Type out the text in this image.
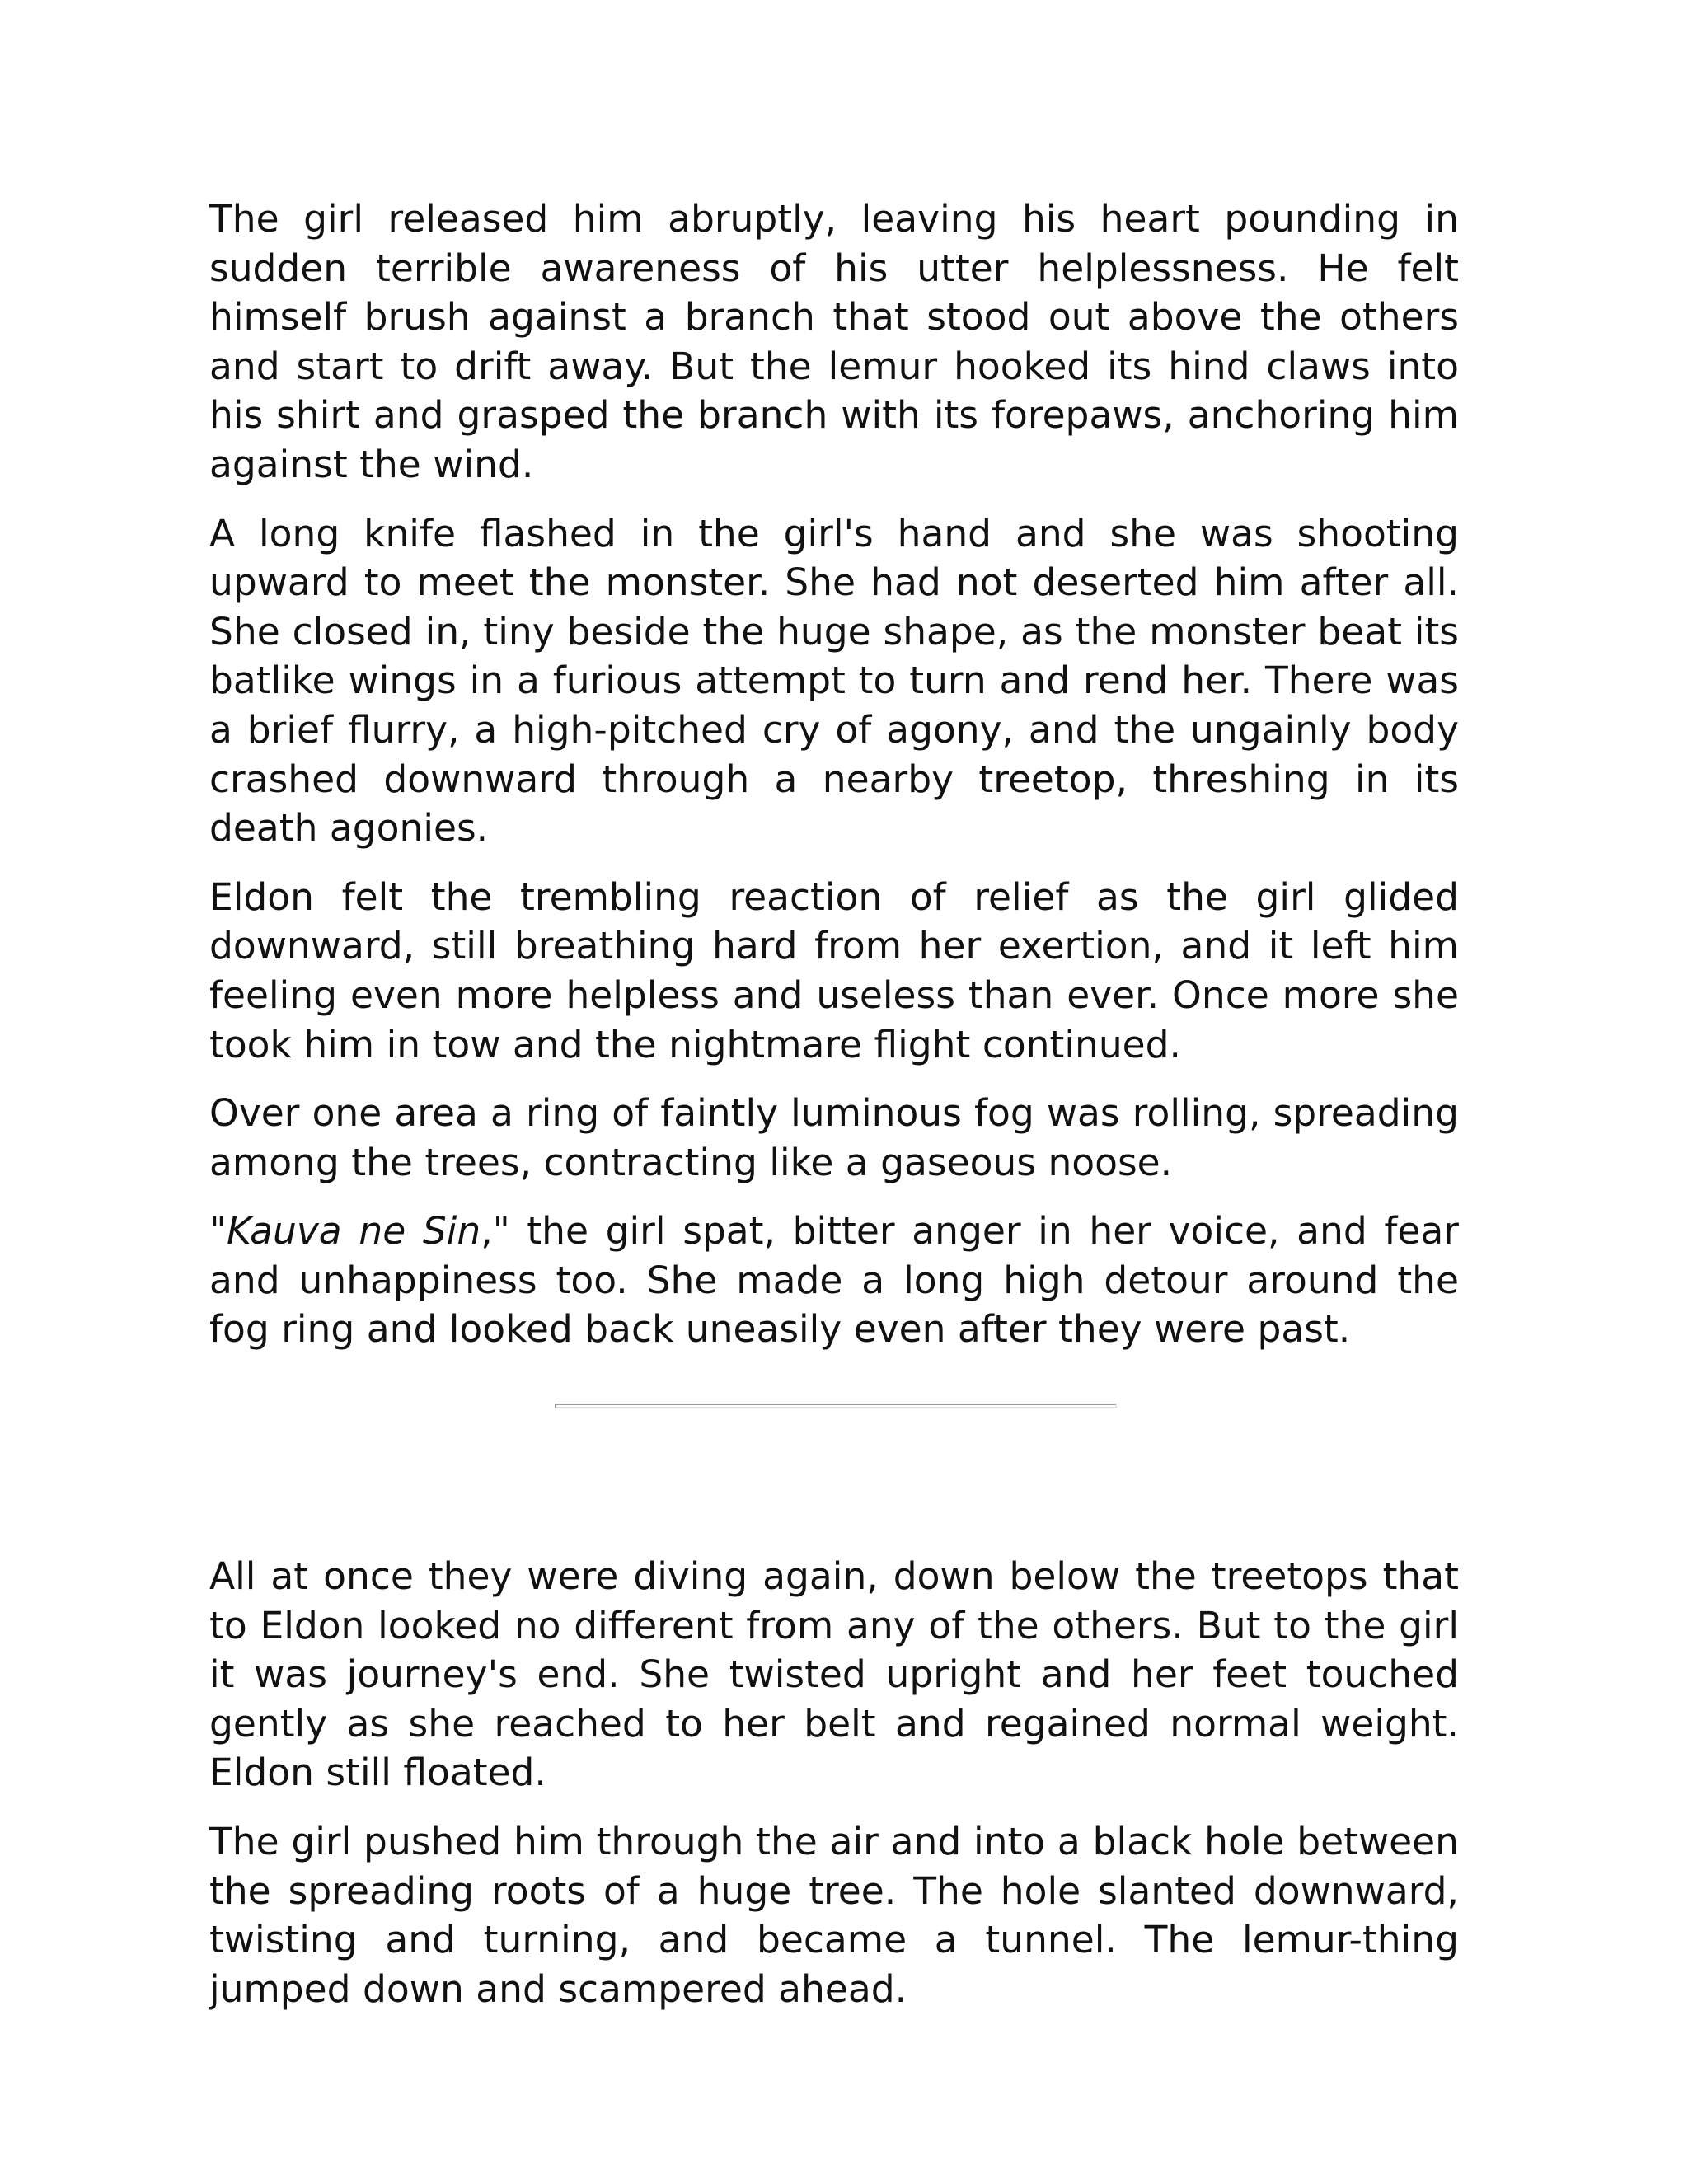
The girl released him abruptly, leaving his heart pounding in sudden terrible awareness of his utter helplessness. He felt himself brush against a branch that stood out above the others and start to drift away. But the lemur hooked its hind claws into his shirt and grasped the branch with its forepaws, anchoring him against the wind.

A long knife flashed in the girl's hand and she was shooting upward to meet the monster. She had not deserted him after all. She closed in, tiny beside the huge shape, as the monster beat its batlike wings in a furious attempt to turn and rend her. There was a brief flurry, a high-pitched cry of agony, and the ungainly body crashed downward through a nearby treetop, threshing in its death agonies.

Eldon felt the trembling reaction of relief as the girl glided downward, still breathing hard from her exertion, and it left him feeling even more helpless and useless than ever. Once more she took him in tow and the nightmare flight continued.

Over one area a ring of faintly luminous fog was rolling, spreading among the trees, contracting like a gaseous noose.

"Kauva ne Sin," the girl spat, bitter anger in her voice, and fear and unhappiness too. She made a long high detour around the fog ring and looked back uneasily even after they were past.

All at once they were diving again, down below the treetops that to Eldon looked no different from any of the others. But to the girl it was journey's end. She twisted upright and her feet touched gently as she reached to her belt and regained normal weight. Eldon still floated.

The girl pushed him through the air and into a black hole between the spreading roots of a huge tree. The hole slanted downward, twisting and turning, and became a tunnel. The lemur-thing jumped down and scampered ahead.
